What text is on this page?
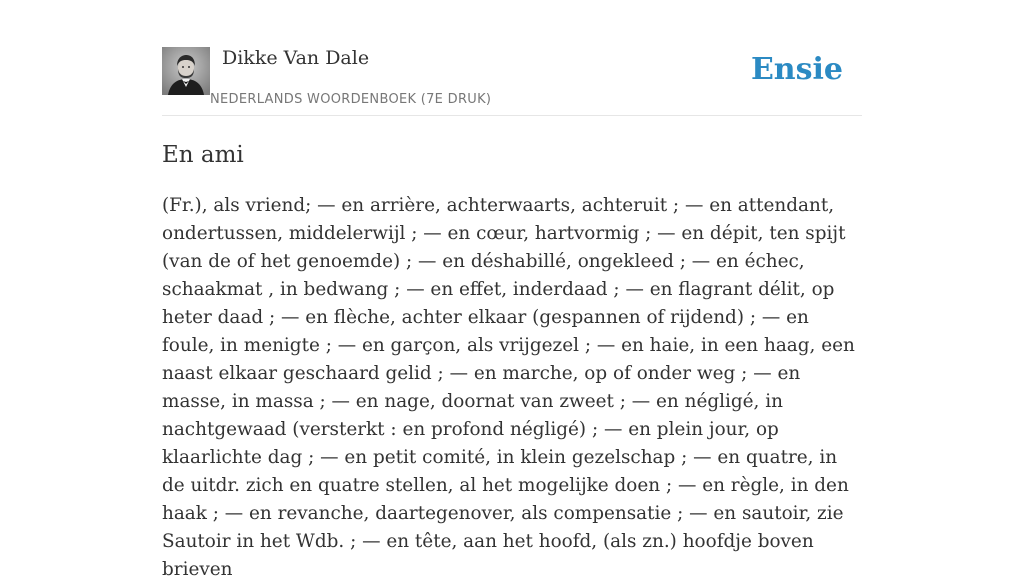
Dikke Van Dale
NEDERLANDS WOORDENBOEK (7E DRUK)
Ensie
En ami

(Fr.), als vriend; — en arrière, achterwaarts, achteruit ; — en attendant, ondertussen, middelerwijl ; — en cœur, hartvormig ; — en dépit, ten spijt (van de of het genoemde) ; — en déshabillé, ongekleed ; — en échec, schaakmat , in bedwang ; — en effet, inderdaad ; — en flagrant délit, op heter daad ; — en flèche, achter elkaar (gespannen of rijdend) ; — en foule, in menigte ; — en garçon, als vrijgezel ; — en haie, in een haag, een naast elkaar geschaard gelid ; — en marche, op of onder weg ; — en masse, in massa ; — en nage, doornat van zweet ; — en négligé, in nachtgewaad (versterkt : en profond négligé) ; — en plein jour, op klaarlichte dag ; — en petit comité, in klein gezelschap ; — en quatre, in de uitdr. zich en quatre stellen, al het mogelijke doen ; — en règle, in den haak ; — en revanche, daartegenover, als compensatie ; — en sautoir, zie Sautoir in het Wdb. ; — en tête, aan het hoofd, (als zn.) hoofdje boven brieven
